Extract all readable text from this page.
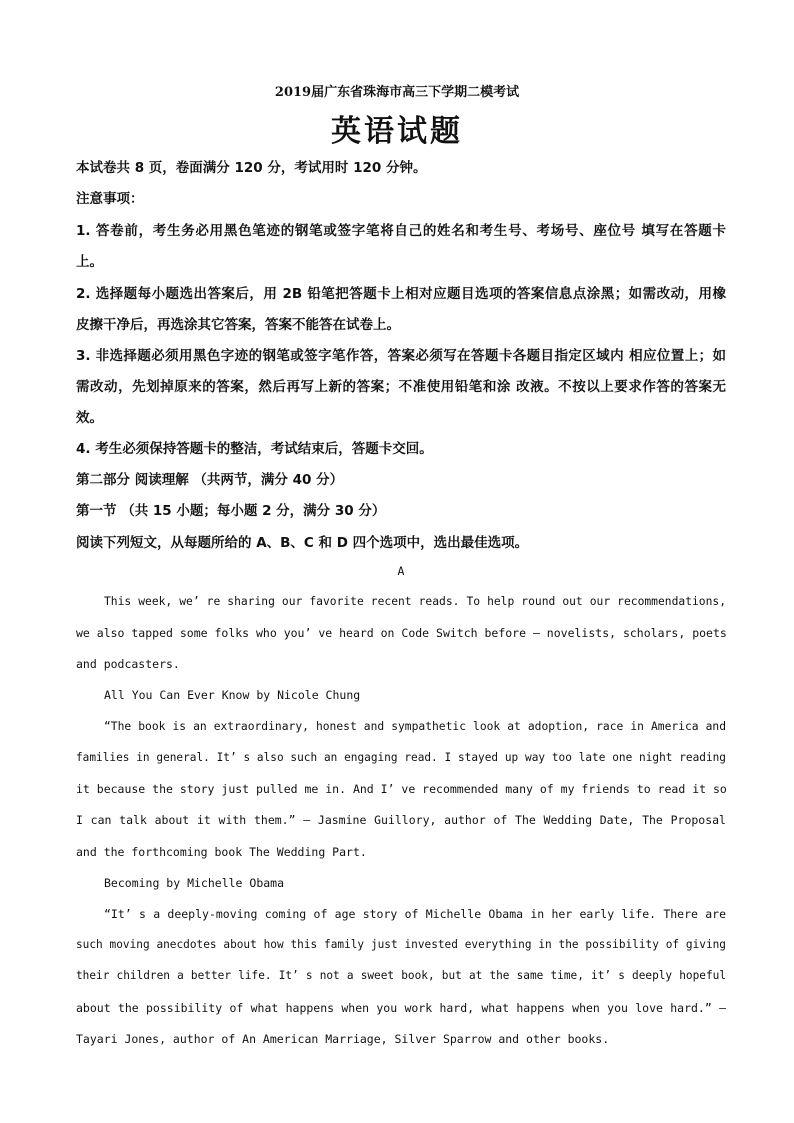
2019届广东省珠海市高三下学期二模考试
英语试题
本试卷共 8 页，卷面满分 120 分，考试用时 120 分钟。
注意事项：
1. 答卷前，考生务必用黑色笔迹的钢笔或签字笔将自己的姓名和考生号、考场号、座位号 填写在答题卡
上。
2. 选择题每小题选出答案后，用 2B 铅笔把答题卡上相对应题目选项的答案信息点涂黑；如需改动，用橡
皮擦干净后，再选涂其它答案，答案不能答在试卷上。
3. 非选择题必须用黑色字迹的钢笔或签字笔作答，答案必须写在答题卡各题目指定区域内 相应位置上；如
需改动，先划掉原来的答案，然后再写上新的答案；不准使用铅笔和涂 改液。不按以上要求作答的答案无
效。
4. 考生必须保持答题卡的整洁，考试结束后，答题卡交回。
第二部分 阅读理解 （共两节，满分 40 分）
第一节 （共 15 小题；每小题 2 分，满分 30 分）
阅读下列短文，从每题所给的 A、B、C 和 D 四个选项中，选出最佳选项。
A
This week, we’ re sharing our favorite recent reads. To help round out our recommendations,
we also tapped some folks who you’ ve heard on Code Switch before — novelists, scholars, poets
and podcasters.
All You Can Ever Know by Nicole Chung
“The book is an extraordinary, honest and sympathetic look at adoption, race in America and
families in general. It’ s also such an engaging read. I stayed up way too late one night reading
it because the story just pulled me in. And I’ ve recommended many of my friends to read it so
I can talk about it with them.” — Jasmine Guillory, author of The Wedding Date, The Proposal
and the forthcoming book The Wedding Part.
Becoming by Michelle Obama
“It’ s a deeply-moving coming of age story of Michelle Obama in her early life. There are
such moving anecdotes about how this family just invested everything in the possibility of giving
their children a better life. It’ s not a sweet book, but at the same time, it’ s deeply hopeful
about the possibility of what happens when you work hard, what happens when you love hard.” —
Tayari Jones, author of An American Marriage, Silver Sparrow and other books.
